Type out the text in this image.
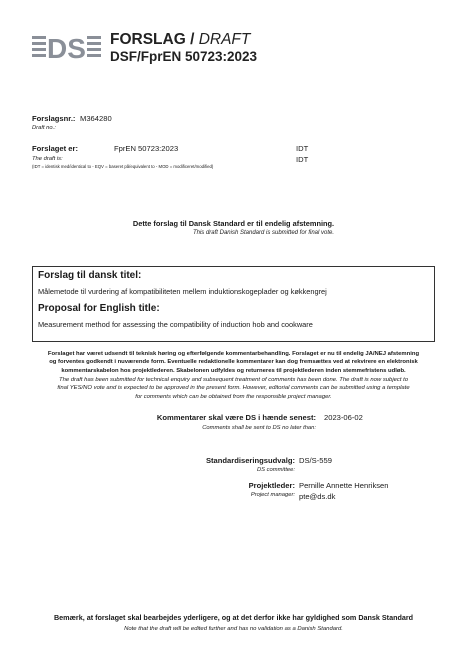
DS FORSLAG / DRAFT
DSF/FprEN 50723:2023
Forslagsnr.: M364280
Draft no.:
Forslaget er:	FprEN 50723:2023	IDT
IDT
The draft is:
(IDT = identisk med/identical to - EQV = baseret på/equivalent to - MOD = modificeret/modified)
Dette forslag til Dansk Standard er til endelig afstemning.
This draft Danish Standard is submitted for final vote.
Forslag til dansk titel:
Målemetode til vurdering af kompatibiliteten mellem induktionskogeplader og køkkengrej
Proposal for English title:
Measurement method for assessing the compatibility of induction hob and cookware
Forslaget har været udsendt til teknisk høring og efterfølgende kommentarbehandling. Forslaget er nu til endelig JA/NEJ afstemning
og forventes godkendt i nuværende form. Eventuelle redaktionelle kommentarer kan dog fremsættes ved at rekvirere en elektronisk
kommentarskabelon hos projektlederen. Skabelonen udfyldes og returneres til projektlederen inden stemmefristens udløb.
The draft has been submitted for technical enquiry and subsequent treatment of comments has been done. The draft is now subject to
final YES/NO vote and is expected to be approved in the present form. However, editorial comments can be submitted using a template
for comments which can be obtained from the responsible project manager.
Kommentarer skal være DS i hænde senest: 2023-06-02
Comments shall be sent to DS no later than:
Standardiseringsudvalg: DS/S-559
DS committee:
Projektleder: Pernille Annette Henriksen
Project manager: pte@ds.dk
Bemærk, at forslaget skal bearbejdes yderligere, og at det derfor ikke har gyldighed som Dansk Standard
Note that the draft will be edited further and has no validation as a Danish Standard.
